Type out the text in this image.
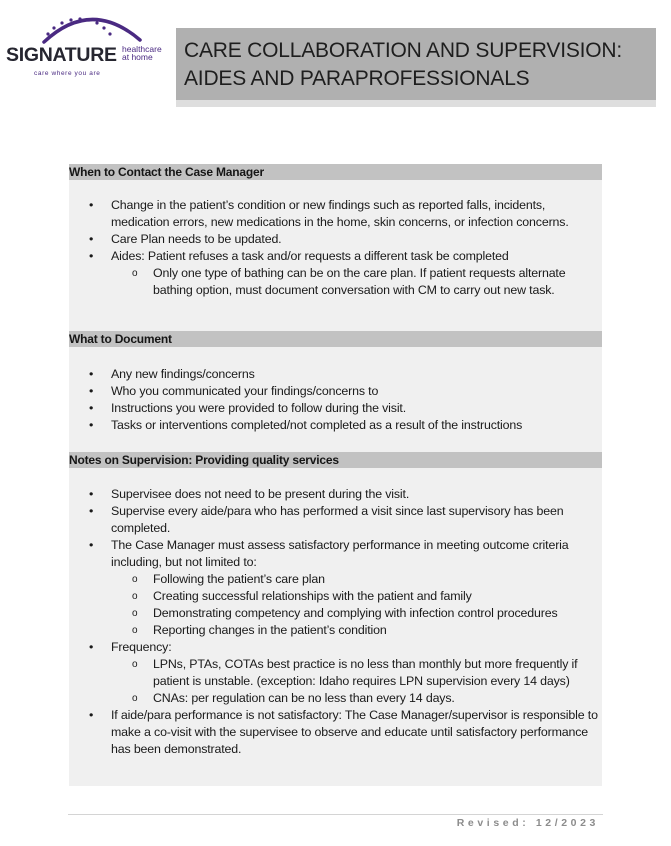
SIGNATURE healthcare
at home
care where you are
CARE COLLABORATION AND SUPERVISION:
AIDES AND PARAPROFESSIONALS
When to Contact the Case Manager
• Change in the patient’s condition or new findings such as reported falls, incidents, medication errors, new medications in the home, skin concerns, or infection concerns.
• Care Plan needs to be updated.
• Aides: Patient refuses a task and/or requests a different task be completed
o Only one type of bathing can be on the care plan. If patient requests alternate bathing option, must document conversation with CM to carry out new task.
What to Document
• Any new findings/concerns
• Who you communicated your findings/concerns to
• Instructions you were provided to follow during the visit.
• Tasks or interventions completed/not completed as a result of the instructions
Notes on Supervision: Providing quality services
• Supervisee does not need to be present during the visit.
• Supervise every aide/para who has performed a visit since last supervisory has been completed.
• The Case Manager must assess satisfactory performance in meeting outcome criteria including, but not limited to:
o Following the patient’s care plan
o Creating successful relationships with the patient and family
o Demonstrating competency and complying with infection control procedures
o Reporting changes in the patient’s condition
• Frequency:
o LPNs, PTAs, COTAs best practice is no less than monthly but more frequently if patient is unstable. (exception: Idaho requires LPN supervision every 14 days)
o CNAs: per regulation can be no less than every 14 days.
• If aide/para performance is not satisfactory: The Case Manager/supervisor is responsible to make a co-visit with the supervisee to observe and educate until satisfactory performance has been demonstrated.
Revised: 12/2023
